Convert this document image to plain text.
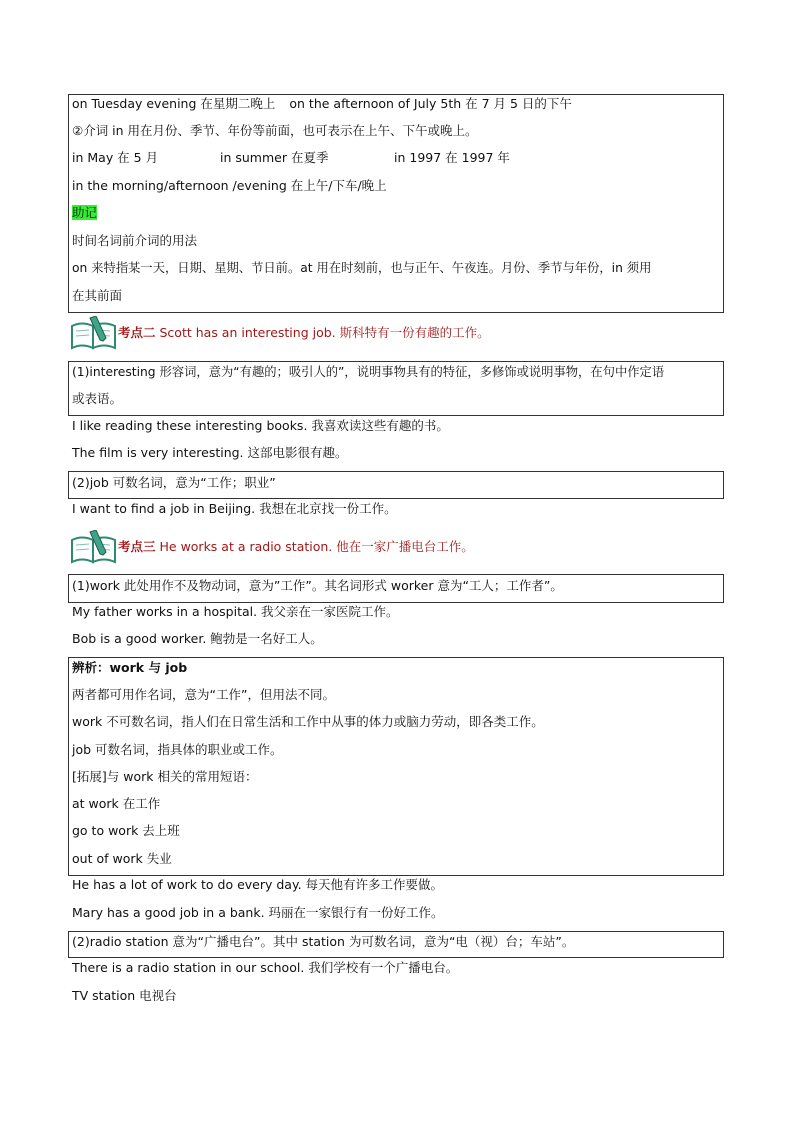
on Tuesday evening 在星期二晚上 on the afternoon of July 5th 在 7 月 5 日的下午
②介词 in 用在月份、季节、年份等前面，也可表示在上午、下午或晚上。
in May 在 5 月	in summer 在夏季	in 1997 在 1997 年
in the morning/afternoon /evening 在上午/下车/晚上
助记
时间名词前介词的用法
on 来特指某一天，日期、星期、节日前。at 用在时刻前，也与正午、午夜连。月份、季节与年份，in 须用
在其前面
考点二 Scott has an interesting job. 斯科特有一份有趣的工作。
(1)interesting 形容词，意为“有趣的；吸引人的”，说明事物具有的特征，多修饰或说明事物，在句中作定语
或表语。
I like reading these interesting books. 我喜欢读这些有趣的书。
The film is very interesting. 这部电影很有趣。
(2)job 可数名词，意为“工作；职业”
I want to find a job in Beijing. 我想在北京找一份工作。
考点三 He works at a radio station. 他在一家广播电台工作。
(1)work 此处用作不及物动词，意为”工作”。其名词形式 worker 意为“工人；工作者”。
My father works in a hospital. 我父亲在一家医院工作。
Bob is a good worker. 鲍勃是一名好工人。
辨析：work 与 job
两者都可用作名词，意为“工作”，但用法不同。
work 不可数名词，指人们在日常生活和工作中从事的体力或脑力劳动，即各类工作。
job 可数名词，指具体的职业或工作。
[拓展]与 work 相关的常用短语：
at work 在工作
go to work 去上班
out of work 失业
He has a lot of work to do every day. 每天他有许多工作要做。
Mary has a good job in a bank. 玛丽在一家银行有一份好工作。
(2)radio station 意为“广播电台”。其中 station 为可数名词，意为“电（视）台；车站”。
There is a radio station in our school. 我们学校有一个广播电台。
TV station 电视台
